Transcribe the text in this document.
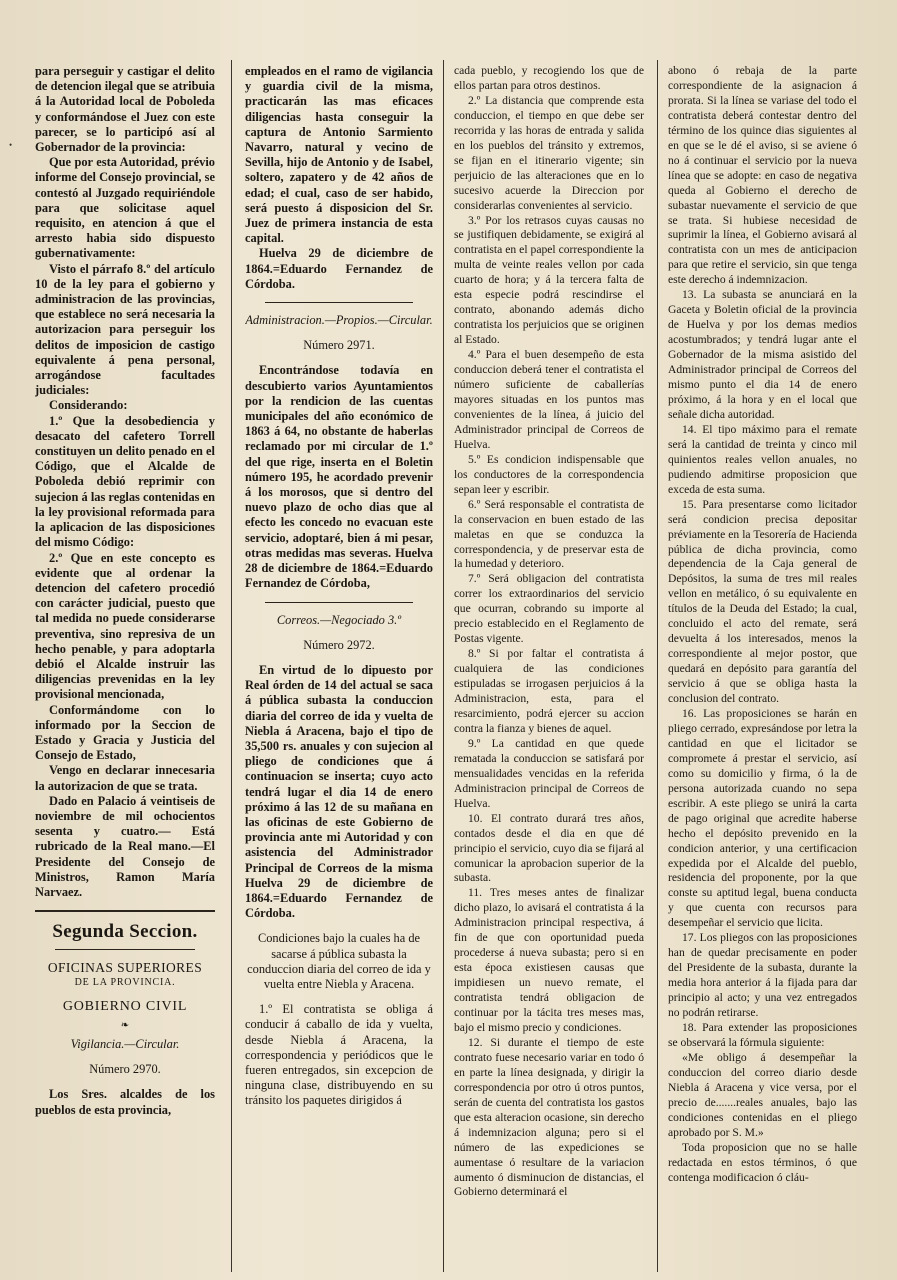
•

para perseguir y castigar el delito de detencion ilegal que se atribuia á la Autoridad local de Poboleda y conformándose el Juez con este parecer, se lo participó así al Gobernador de la provincia:

Que por esta Autoridad, prévio informe del Consejo provincial, se contestó al Juzgado requiriéndole para que solicitase aquel requisito, en atencion á que el arresto habia sido dispuesto gubernativamente:

Visto el párrafo 8.º del artículo 10 de la ley para el gobierno y administracion de las provincias, que establece no será necesaria la autorizacion para perseguir los delitos de imposicion de castigo equivalente á pena personal, arrogándose facultades judiciales:

Considerando:

1.º Que la desobediencia y desacato del cafetero Torrell constituyen un delito penado en el Código, que el Alcalde de Poboleda debió reprimir con sujecion á las reglas contenidas en la ley provisional reformada para la aplicacion de las disposiciones del mismo Código:

2.º Que en este concepto es evidente que al ordenar la detencion del cafetero procedió con carácter judicial, puesto que tal medida no puede considerarse preventiva, sino represiva de un hecho penable, y para adoptarla debió el Alcalde instruir las diligencias prevenidas en la ley provisional mencionada,

Conformándome con lo informado por la Seccion de Estado y Gracia y Justicia del Consejo de Estado,

Vengo en declarar innecesaria la autorizacion de que se trata.

Dado en Palacio á veintiseis de noviembre de mil ochocientos sesenta y cuatro.— Está rubricado de la Real mano.—El Presidente del Consejo de Ministros, Ramon María Narvaez.

Segunda Seccion.
OFICINAS SUPERIORES
DE LA PROVINCIA.
GOBIERNO CIVIL
❧

Vigilancia.—Circular.

Número 2970.

Los Sres. alcaldes de los pueblos de esta provincia,

empleados en el ramo de vigilancia y guardia civil de la misma, practicarán las mas eficaces diligencias hasta conseguir la captura de Antonio Sarmiento Navarro, natural y vecino de Sevilla, hijo de Antonio y de Isabel, soltero, zapatero y de 42 años de edad; el cual, caso de ser habido, será puesto á disposicion del Sr. Juez de primera instancia de esta capital.

Huelva 29 de diciembre de 1864.=Eduardo Fernandez de Córdoba.

Administracion.—Propios.—Circular.

Número 2971.

Encontrándose todavía en descubierto varios Ayuntamientos por la rendicion de las cuentas municipales del año económico de 1863 á 64, no obstante de haberlas reclamado por mi circular de 1.º del que rige, inserta en el Boletin número 195, he acordado prevenir á los morosos, que si dentro del nuevo plazo de ocho dias que al efecto les concedo no evacuan este servicio, adoptaré, bien á mi pesar, otras medidas mas severas. Huelva 28 de diciembre de 1864.=Eduardo Fernandez de Córdoba,

Correos.—Negociado 3.º

Número 2972.

En virtud de lo dipuesto por Real órden de 14 del actual se saca á pública subasta la conduccion diaria del correo de ida y vuelta de Niebla á Aracena, bajo el tipo de 35,500 rs. anuales y con sujecion al pliego de condiciones que á continuacion se inserta; cuyo acto tendrá lugar el dia 14 de enero próximo á las 12 de su mañana en las oficinas de este Gobierno de provincia ante mi Autoridad y con asistencia del Administrador Principal de Correos de la misma Huelva 29 de diciembre de 1864.=Eduardo Fernandez de Córdoba.

Condiciones bajo la cuales ha de sacarse á pública subasta la conduccion diaria del correo de ida y vuelta entre Niebla y Aracena.

1.º El contratista se obliga á conducir á caballo de ida y vuelta, desde Niebla á Aracena, la correspondencia y periódicos que le fueren entregados, sin excepcion de ninguna clase, distribuyendo en su tránsito los paquetes dirigidos á

cada pueblo, y recogiendo los que de ellos partan para otros destinos.

2.º La distancia que comprende esta conduccion, el tiempo en que debe ser recorrida y las horas de entrada y salida en los pueblos del tránsito y extremos, se fijan en el itinerario vigente; sin perjuicio de las alteraciones que en lo sucesivo acuerde la Direccion por considerarlas convenientes al servicio.

3.º Por los retrasos cuyas causas no se justifiquen debidamente, se exigirá al contratista en el papel correspondiente la multa de veinte reales vellon por cada cuarto de hora; y á la tercera falta de esta especie podrá rescindirse el contrato, abonando además dicho contratista los perjuicios que se originen al Estado.

4.º Para el buen desempeño de esta conduccion deberá tener el contratista el número suficiente de caballerías mayores situadas en los puntos mas convenientes de la línea, á juicio del Administrador principal de Correos de Huelva.

5.º Es condicion indispensable que los conductores de la correspondencia sepan leer y escribir.

6.º Será responsable el contratista de la conservacion en buen estado de las maletas en que se conduzca la correspondencia, y de preservar esta de la humedad y deterioro.

7.º Será obligacion del contratista correr los extraordinarios del servicio que ocurran, cobrando su importe al precio establecido en el Reglamento de Postas vigente.

8.º Si por faltar el contratista á cualquiera de las condiciones estipuladas se irrogasen perjuicios á la Administracion, esta, para el resarcimiento, podrá ejercer su accion contra la fianza y bienes de aquel.

9.º La cantidad en que quede rematada la conduccion se satisfará por mensualidades vencidas en la referida Administracion principal de Correos de Huelva.

10. El contrato durará tres años, contados desde el dia en que dé principio el servicio, cuyo dia se fijará al comunicar la aprobacion superior de la subasta.

11. Tres meses antes de finalizar dicho plazo, lo avisará el contratista á la Administracion principal respectiva, á fin de que con oportunidad pueda procederse á nueva subasta; pero si en esta época existiesen causas que impidiesen un nuevo remate, el contratista tendrá obligacion de continuar por la tácita tres meses mas, bajo el mismo precio y condiciones.

12. Si durante el tiempo de este contrato fuese necesario variar en todo ó en parte la línea designada, y dirigir la correspondencia por otro ú otros puntos, serán de cuenta del contratista los gastos que esta alteracion ocasione, sin derecho á indemnizacion alguna; pero si el número de las expediciones se aumentase ó resultare de la variacion aumento ó disminucion de distancias, el Gobierno determinará el

abono ó rebaja de la parte correspondiente de la asignacion á prorata. Si la línea se variase del todo el contratista deberá contestar dentro del término de los quince dias siguientes al en que se le dé el aviso, si se aviene ó no á continuar el servicio por la nueva línea que se adopte: en caso de negativa queda al Gobierno el derecho de subastar nuevamente el servicio de que se trata. Si hubiese necesidad de suprimir la línea, el Gobierno avisará al contratista con un mes de anticipacion para que retire el servicio, sin que tenga este derecho á indemnizacion.

13. La subasta se anunciará en la Gaceta y Boletin oficial de la provincia de Huelva y por los demas medios acostumbrados; y tendrá lugar ante el Gobernador de la misma asistido del Administrador principal de Correos del mismo punto el dia 14 de enero próximo, á la hora y en el local que señale dicha autoridad.

14. El tipo máximo para el remate será la cantidad de treinta y cinco mil quinientos reales vellon anuales, no pudiendo admitirse proposicion que exceda de esta suma.

15. Para presentarse como licitador será condicion precisa depositar préviamente en la Tesorería de Hacienda pública de dicha provincia, como dependencia de la Caja general de Depósitos, la suma de tres mil reales vellon en metálico, ó su equivalente en títulos de la Deuda del Estado; la cual, concluido el acto del remate, será devuelta á los interesados, menos la correspondiente al mejor postor, que quedará en depósito para garantía del servicio á que se obliga hasta la conclusion del contrato.

16. Las proposiciones se harán en pliego cerrado, expresándose por letra la cantidad en que el licitador se compromete á prestar el servicio, así como su domicilio y firma, ó la de persona autorizada cuando no sepa escribir. A este pliego se unirá la carta de pago original que acredite haberse hecho el depósito prevenido en la condicion anterior, y una certificacion expedida por el Alcalde del pueblo, residencia del proponente, por la que conste su aptitud legal, buena conducta y que cuenta con recursos para desempeñar el servicio que licita.

17. Los pliegos con las proposiciones han de quedar precisamente en poder del Presidente de la subasta, durante la media hora anterior á la fijada para dar principio al acto; y una vez entregados no podrán retirarse.

18. Para extender las proposiciones se observará la fórmula siguiente:

«Me obligo á desempeñar la conduccion del correo diario desde Niebla á Aracena y vice versa, por el precio de.......reales anuales, bajo las condiciones contenidas en el pliego aprobado por S. M.»

Toda proposicion que no se halle redactada en estos términos, ó que contenga modificacion ó cláu-
